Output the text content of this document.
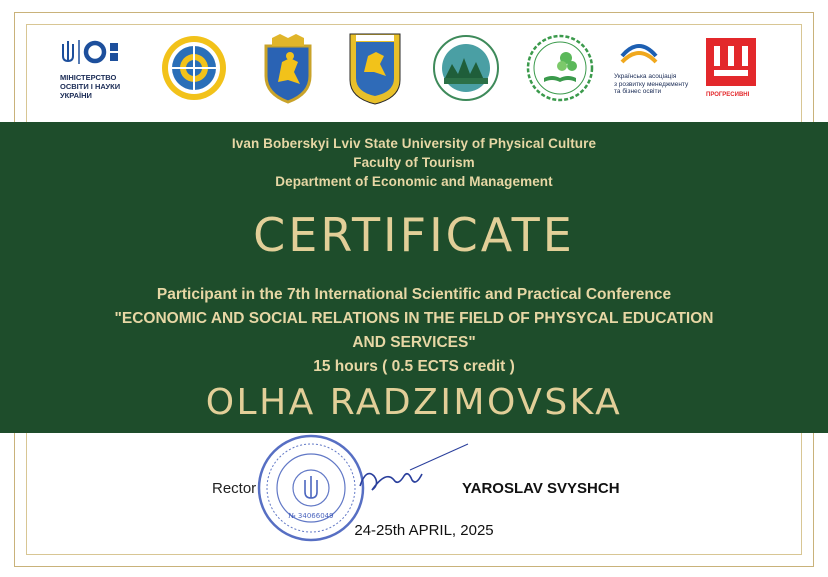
МІНІСТЕРСТВО
ОСВІТИ І НАУКИ
УКРАЇНИ
Українська асоціація
з розвитку менеджменту
та бізнес освіти	ПРОГРЕСИВНІ
Ivan Boberskyi Lviv State University of Physical Culture
Faculty of Tourism
Department of Economic and Management
CERTIFICATE
Participant in the 7th International Scientific and Practical Conference
"ECONOMIC AND SOCIAL RELATIONS IN THE FIELD OF PHYSYCAL EDUCATION
AND SERVICES"
15 hours ( 0.5 ECTS credit )
OLHA RADZIMOVSKA
Rector	YAROSLAV SVYSHCH
№ 34066049
24-25th APRIL, 2025
